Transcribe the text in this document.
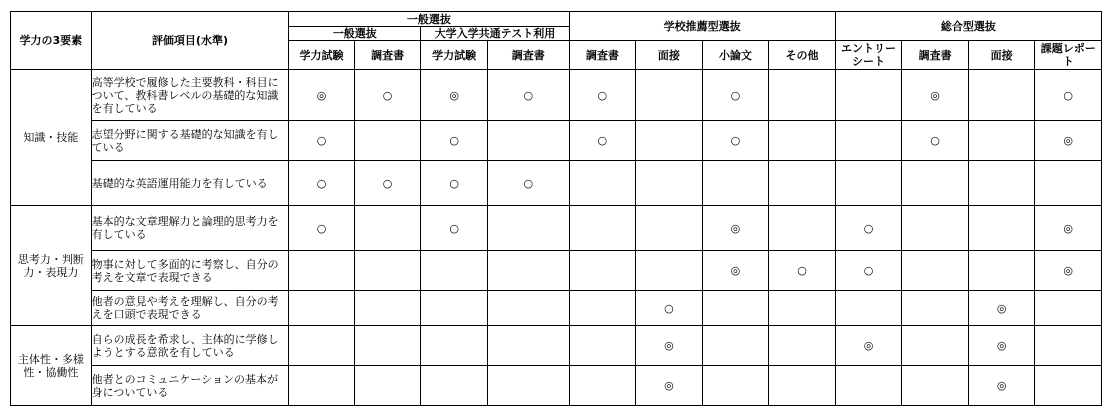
学力の3要素	評価項目(水準)	一般選抜				学校推薦型選抜				総合型選抜			
		一般選抜		大学入学共通テスト利用									
		学力試験	調査書	学力試験	調査書	調査書	面接	小論文	その他	エントリーシート	調査書	面接	課題レポート
知識・技能	高等学校で履修した主要教科・科目について、教科書レベルの基礎的な知識を有している	◎	○	◎	○	○		○			◎		○
	志望分野に関する基礎的な知識を有している	○		○		○		○			○		◎
	基礎的な英語運用能力を有している	○	○	○	○								
思考力・判断力・表現力	基本的な文章理解力と論理的思考力を有している	○		○				◎		○			◎
	物事に対して多面的に考察し、自分の考えを文章で表現できる							◎	○	○			◎
	他者の意見や考えを理解し、自分の考えを口頭で表現できる						○					◎	
主体性・多様性・協働性	自らの成長を希求し、主体的に学修しようとする意欲を有している						◎			◎		◎	
	他者とのコミュニケーションの基本が身についている						◎					◎	
